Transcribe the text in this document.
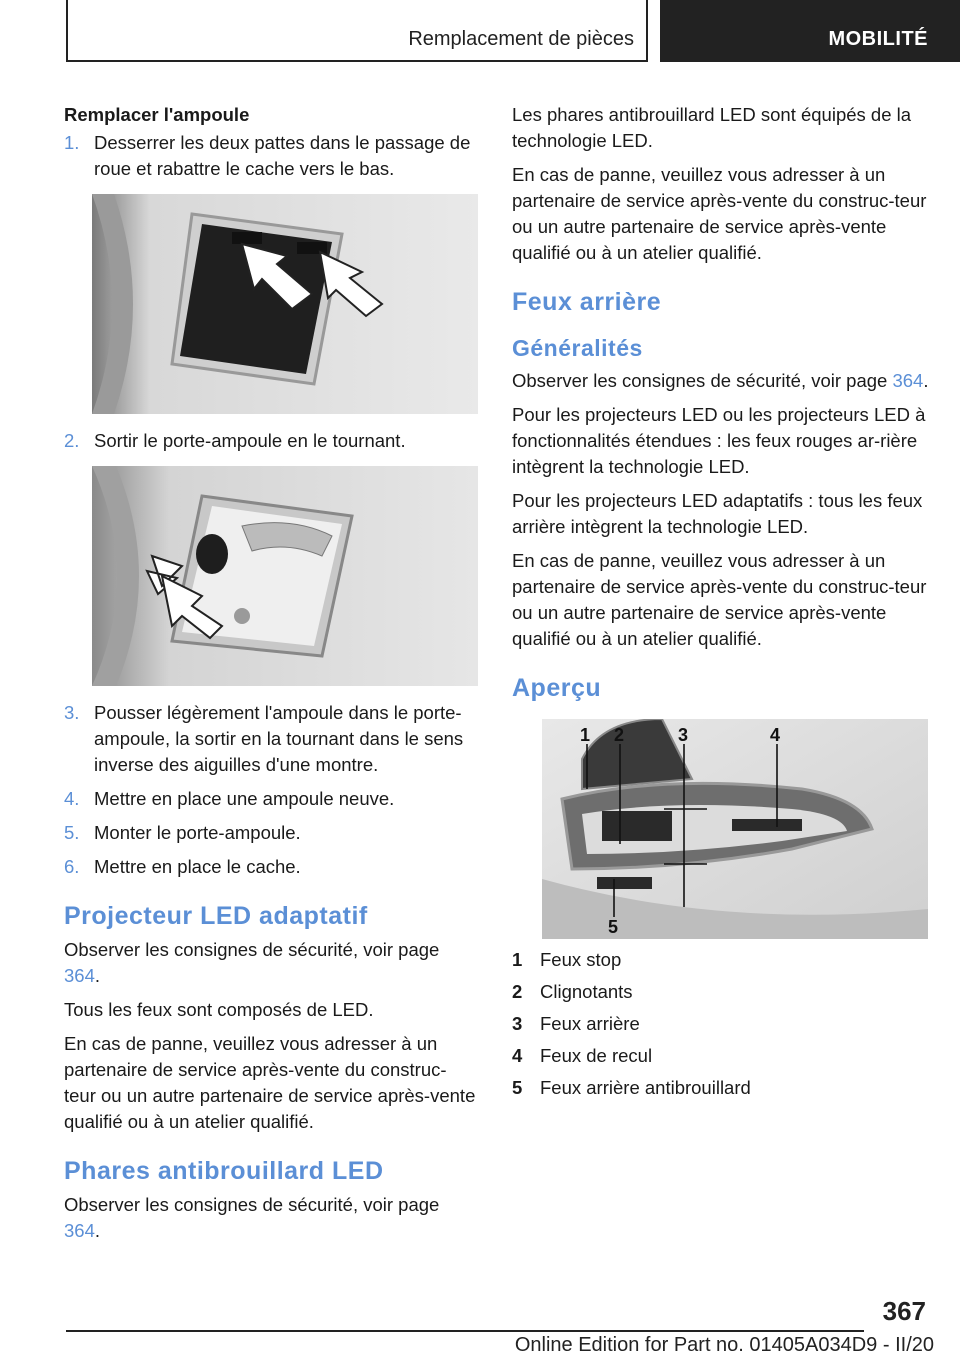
Remplacement de pièces	MOBILITÉ
Remplacer l'ampoule
1. Desserrer les deux pattes dans le passage de roue et rabattre le cache vers le bas.
2. Sortir le porte-ampoule en le tournant.
3. Pousser légèrement l'ampoule dans le porte-ampoule, la sortir en la tournant dans le sens inverse des aiguilles d'une montre.
4. Mettre en place une ampoule neuve.
5. Monter le porte-ampoule.
6. Mettre en place le cache.
Projecteur LED adaptatif

Observer les consignes de sécurité, voir page 364.

Tous les feux sont composés de LED.

En cas de panne, veuillez vous adresser à un partenaire de service après-vente du construc-teur ou un autre partenaire de service après-vente qualifié ou à un atelier qualifié.

Phares antibrouillard LED

Observer les consignes de sécurité, voir page 364.

Les phares antibrouillard LED sont équipés de la technologie LED.

En cas de panne, veuillez vous adresser à un partenaire de service après-vente du construc-teur ou un autre partenaire de service après-vente qualifié ou à un atelier qualifié.

Feux arrière
Généralités

Observer les consignes de sécurité, voir page 364.

Pour les projecteurs LED ou les projecteurs LED à fonctionnalités étendues : les feux rouges ar-rière intègrent la technologie LED.

Pour les projecteurs LED adaptatifs : tous les feux arrière intègrent la technologie LED.

En cas de panne, veuillez vous adresser à un partenaire de service après-vente du construc-teur ou un autre partenaire de service après-vente qualifié ou à un atelier qualifié.

Aperçu
1 2	3	4
5
1 Feux stop
2 Clignotants
3 Feux arrière
4 Feux de recul
5 Feux arrière antibrouillard
367
Online Edition for Part no. 01405A034D9 - II/20
